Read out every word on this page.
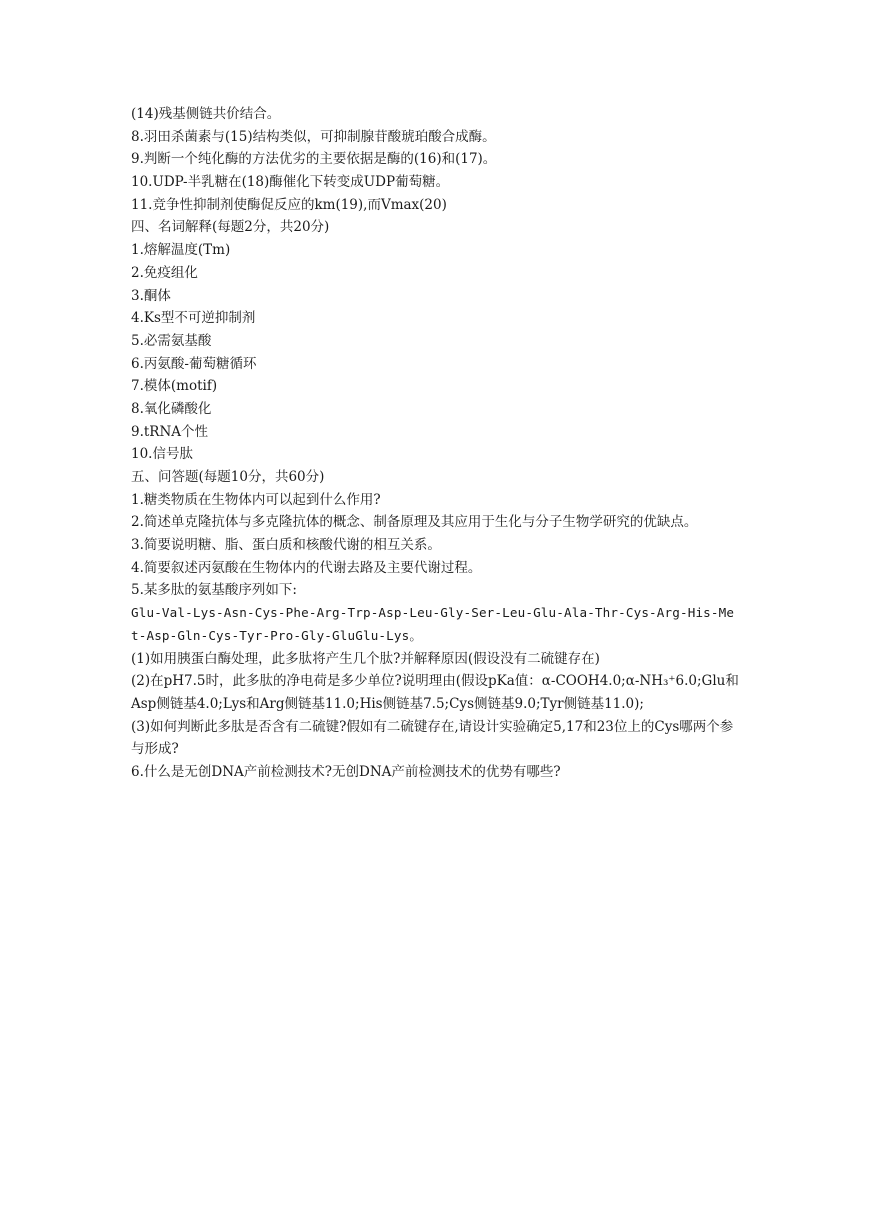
(14)残基侧链共价结合。
8.羽田杀菌素与(15)结构类似，可抑制腺苷酸琥珀酸合成酶。
9.判断一个纯化酶的方法优劣的主要依据是酶的(16)和(17)。
10.UDP-半乳糖在(18)酶催化下转变成UDP葡萄糖。
11.竞争性抑制剂使酶促反应的km(19),而Vmax(20)
四、名词解释(每题2分，共20分)
1.熔解温度(Tm)
2.免疫组化
3.酮体
4.Ks型不可逆抑制剂
5.必需氨基酸
6.丙氨酸-葡萄糖循环
7.模体(motif)
8.氧化磷酸化
9.tRNA个性
10.信号肽
五、问答题(每题10分，共60分)
1.糖类物质在生物体内可以起到什么作用?
2.简述单克隆抗体与多克隆抗体的概念、制备原理及其应用于生化与分子生物学研究的优缺点。
3.简要说明糖、脂、蛋白质和核酸代谢的相互关系。
4.简要叙述丙氨酸在生物体内的代谢去路及主要代谢过程。
5.某多肽的氨基酸序列如下:
Glu-Val-Lys-Asn-Cys-Phe-Arg-Trp-Asp-Leu-Gly-Ser-Leu-Glu-Ala-Thr-Cys-Arg-His-Met-Asp-Gln-Cys-Tyr-Pro-Gly-GluGlu-Lys。
(1)如用胰蛋白酶处理，此多肽将产生几个肽?并解释原因(假设没有二硫键存在)
(2)在pH7.5时，此多肽的净电荷是多少单位?说明理由(假设pKa值：α-COOH4.0;α-NH₃⁺6.0;Glu和Asp侧链基4.0;Lys和Arg侧链基11.0;His侧链基7.5;Cys侧链基9.0;Tyr侧链基11.0);
(3)如何判断此多肽是否含有二硫键?假如有二硫键存在,请设计实验确定5,17和23位上的Cys哪两个参与形成?
6.什么是无创DNA产前检测技术?无创DNA产前检测技术的优势有哪些?
